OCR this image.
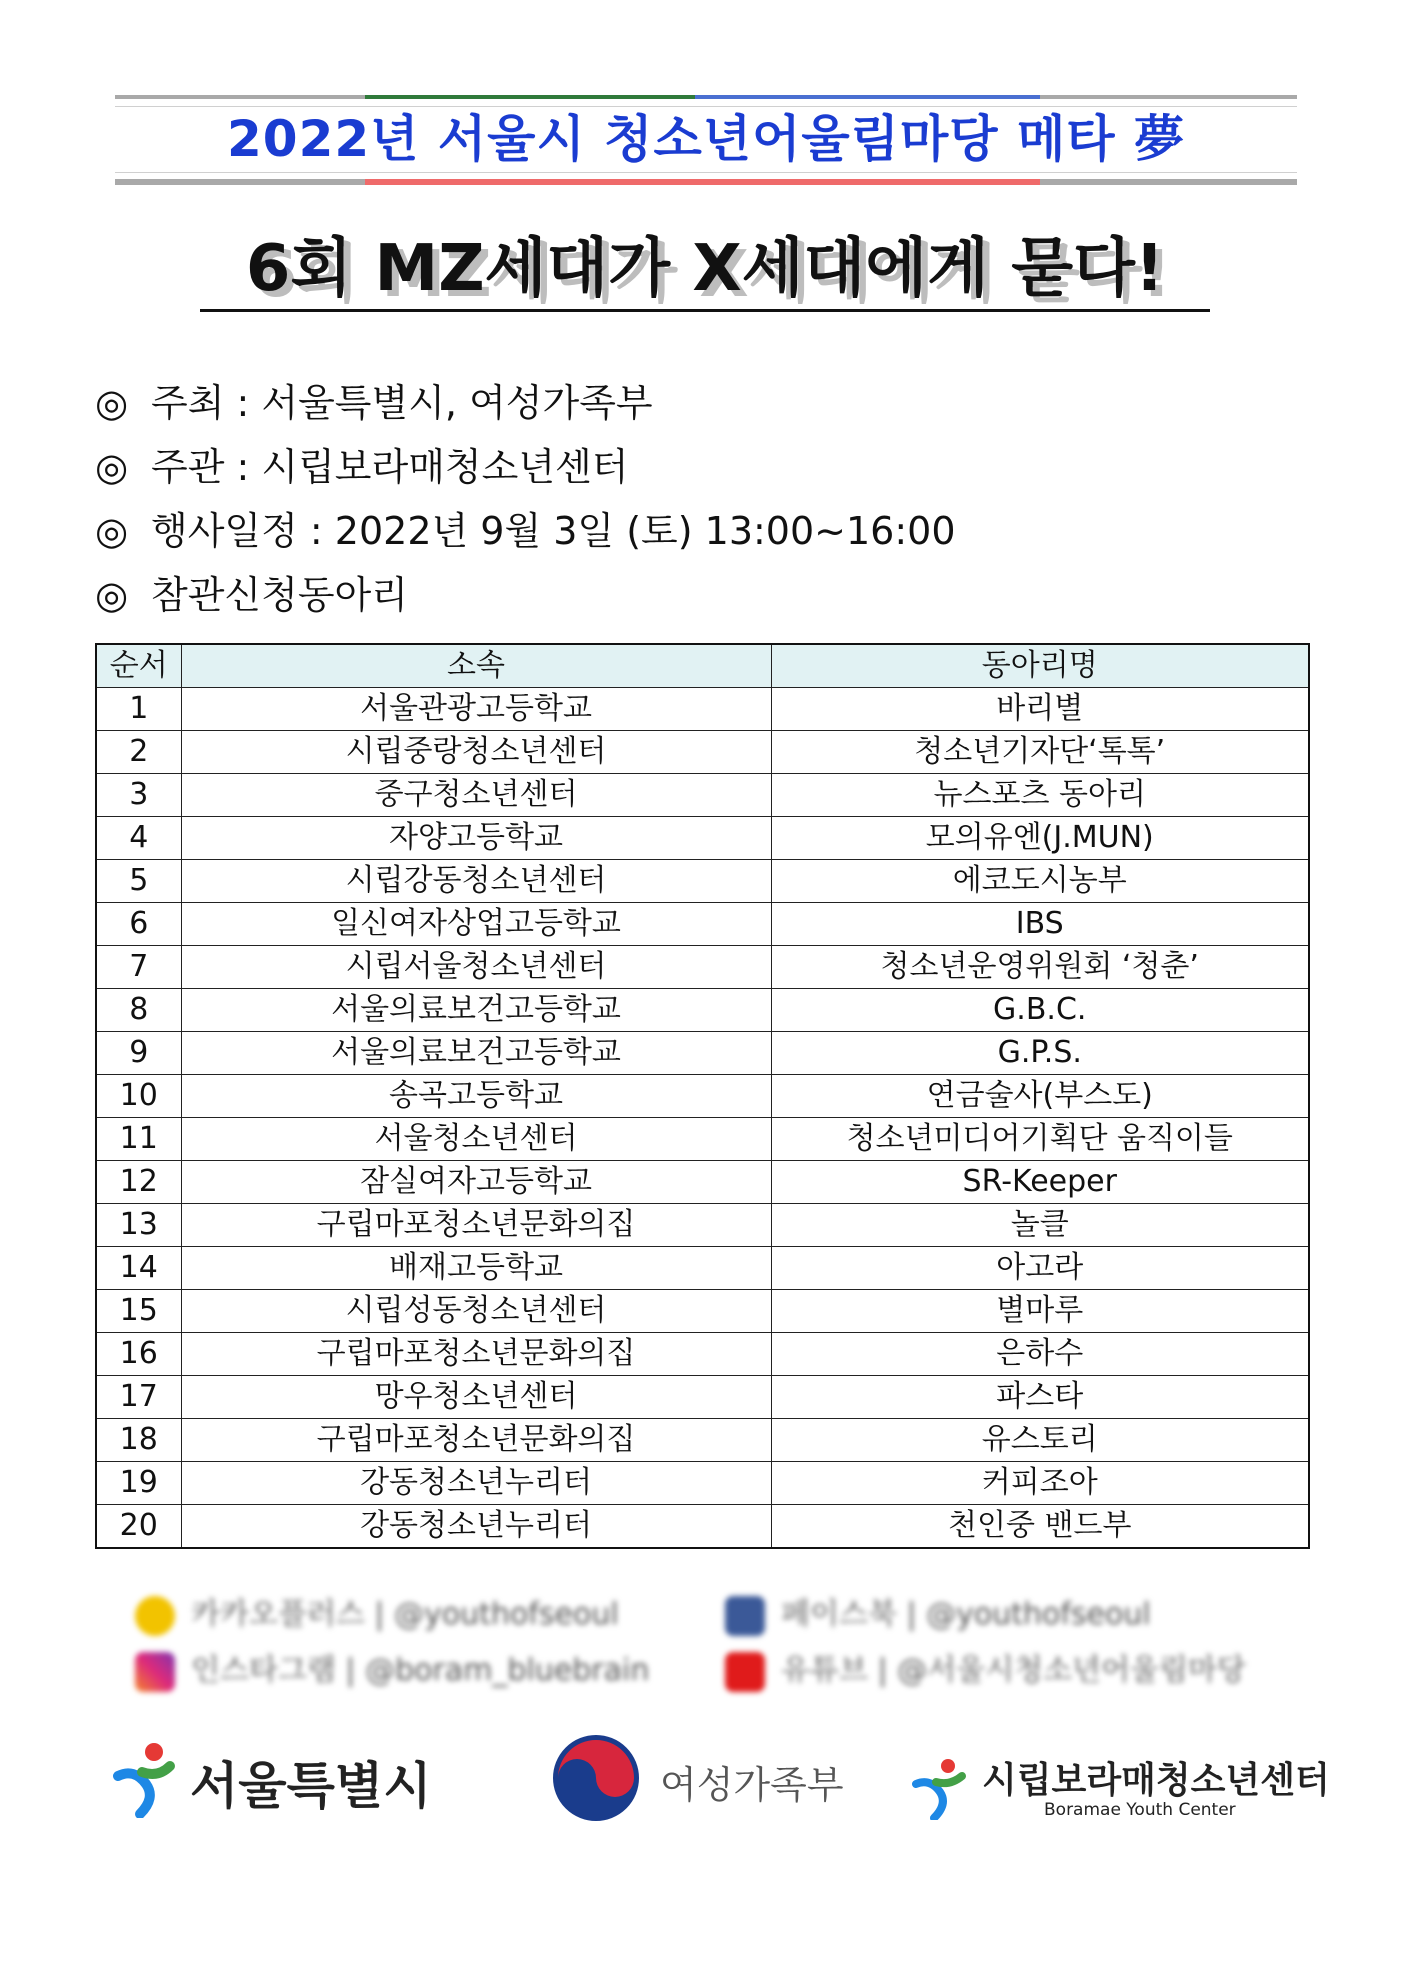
2022년 서울시 청소년어울림마당 메타 夢
6회 MZ세대가 X세대에게 묻다!
◎ 주최 : 서울특별시, 여성가족부
◎ 주관 : 시립보라매청소년센터
◎ 행사일정 : 2022년 9월 3일 (토) 13:00~16:00
◎ 참관신청동아리
순서	소속	동아리명
1	서울관광고등학교	바리별
2	시립중랑청소년센터	청소년기자단‘톡톡’
3	중구청소년센터	뉴스포츠 동아리
4	자양고등학교	모의유엔(J.MUN)
5	시립강동청소년센터	에코도시농부
6	일신여자상업고등학교	IBS
7	시립서울청소년센터	청소년운영위원회 ‘청춘’
8	서울의료보건고등학교	G.B.C.
9	서울의료보건고등학교	G.P.S.
10	송곡고등학교	연금술사(부스도)
11	서울청소년센터	청소년미디어기획단 움직이들
12	잠실여자고등학교	SR-Keeper
13	구립마포청소년문화의집	놀클
14	배재고등학교	아고라
15	시립성동청소년센터	별마루
16	구립마포청소년문화의집	은하수
17	망우청소년센터	파스타
18	구립마포청소년문화의집	유스토리
19	강동청소년누리터	커피조아
20	강동청소년누리터	천인중 밴드부
카카오플러스 | @youthofseoul	페이스북 | @youthofseoul
인스타그램 | @boram_bluebrain	유튜브 | @서울시청소년어울림마당
서울특별시	여성가족부	시립보라매청소년센터
Boramae Youth Center
